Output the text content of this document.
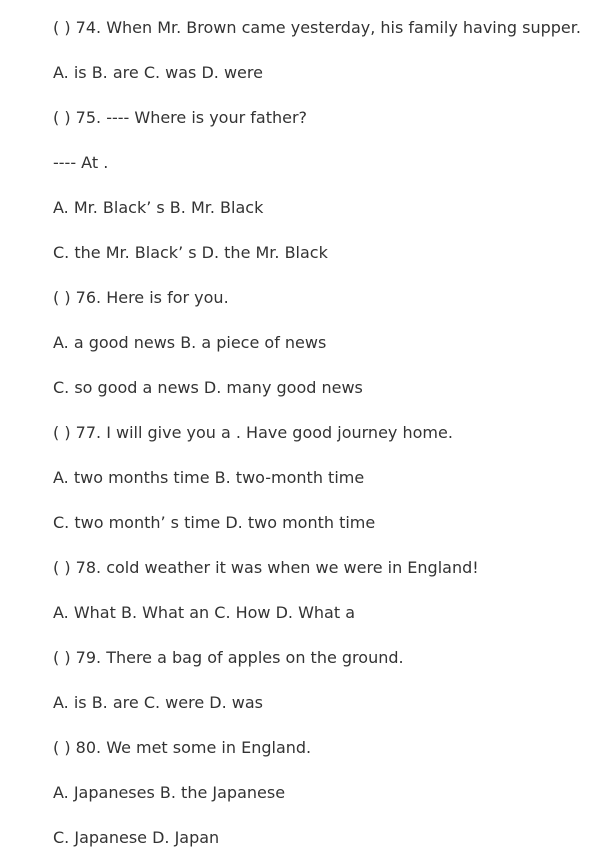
( ) 74. When Mr. Brown came yesterday, his family having supper.
A. is B. are C. was D. were
( ) 75. ---- Where is your father?
---- At .
A. Mr. Black’ s B. Mr. Black
C. the Mr. Black’ s D. the Mr. Black
( ) 76. Here is for you.
A. a good news B. a piece of news
C. so good a news D. many good news
( ) 77. I will give you a . Have good journey home.
A. two months time B. two-month time
C. two month’ s time D. two month time
( ) 78. cold weather it was when we were in England!
A. What B. What an C. How D. What a
( ) 79. There a bag of apples on the ground.
A. is B. are C. were D. was
( ) 80. We met some in England.
A. Japaneses B. the Japanese
C. Japanese D. Japan
